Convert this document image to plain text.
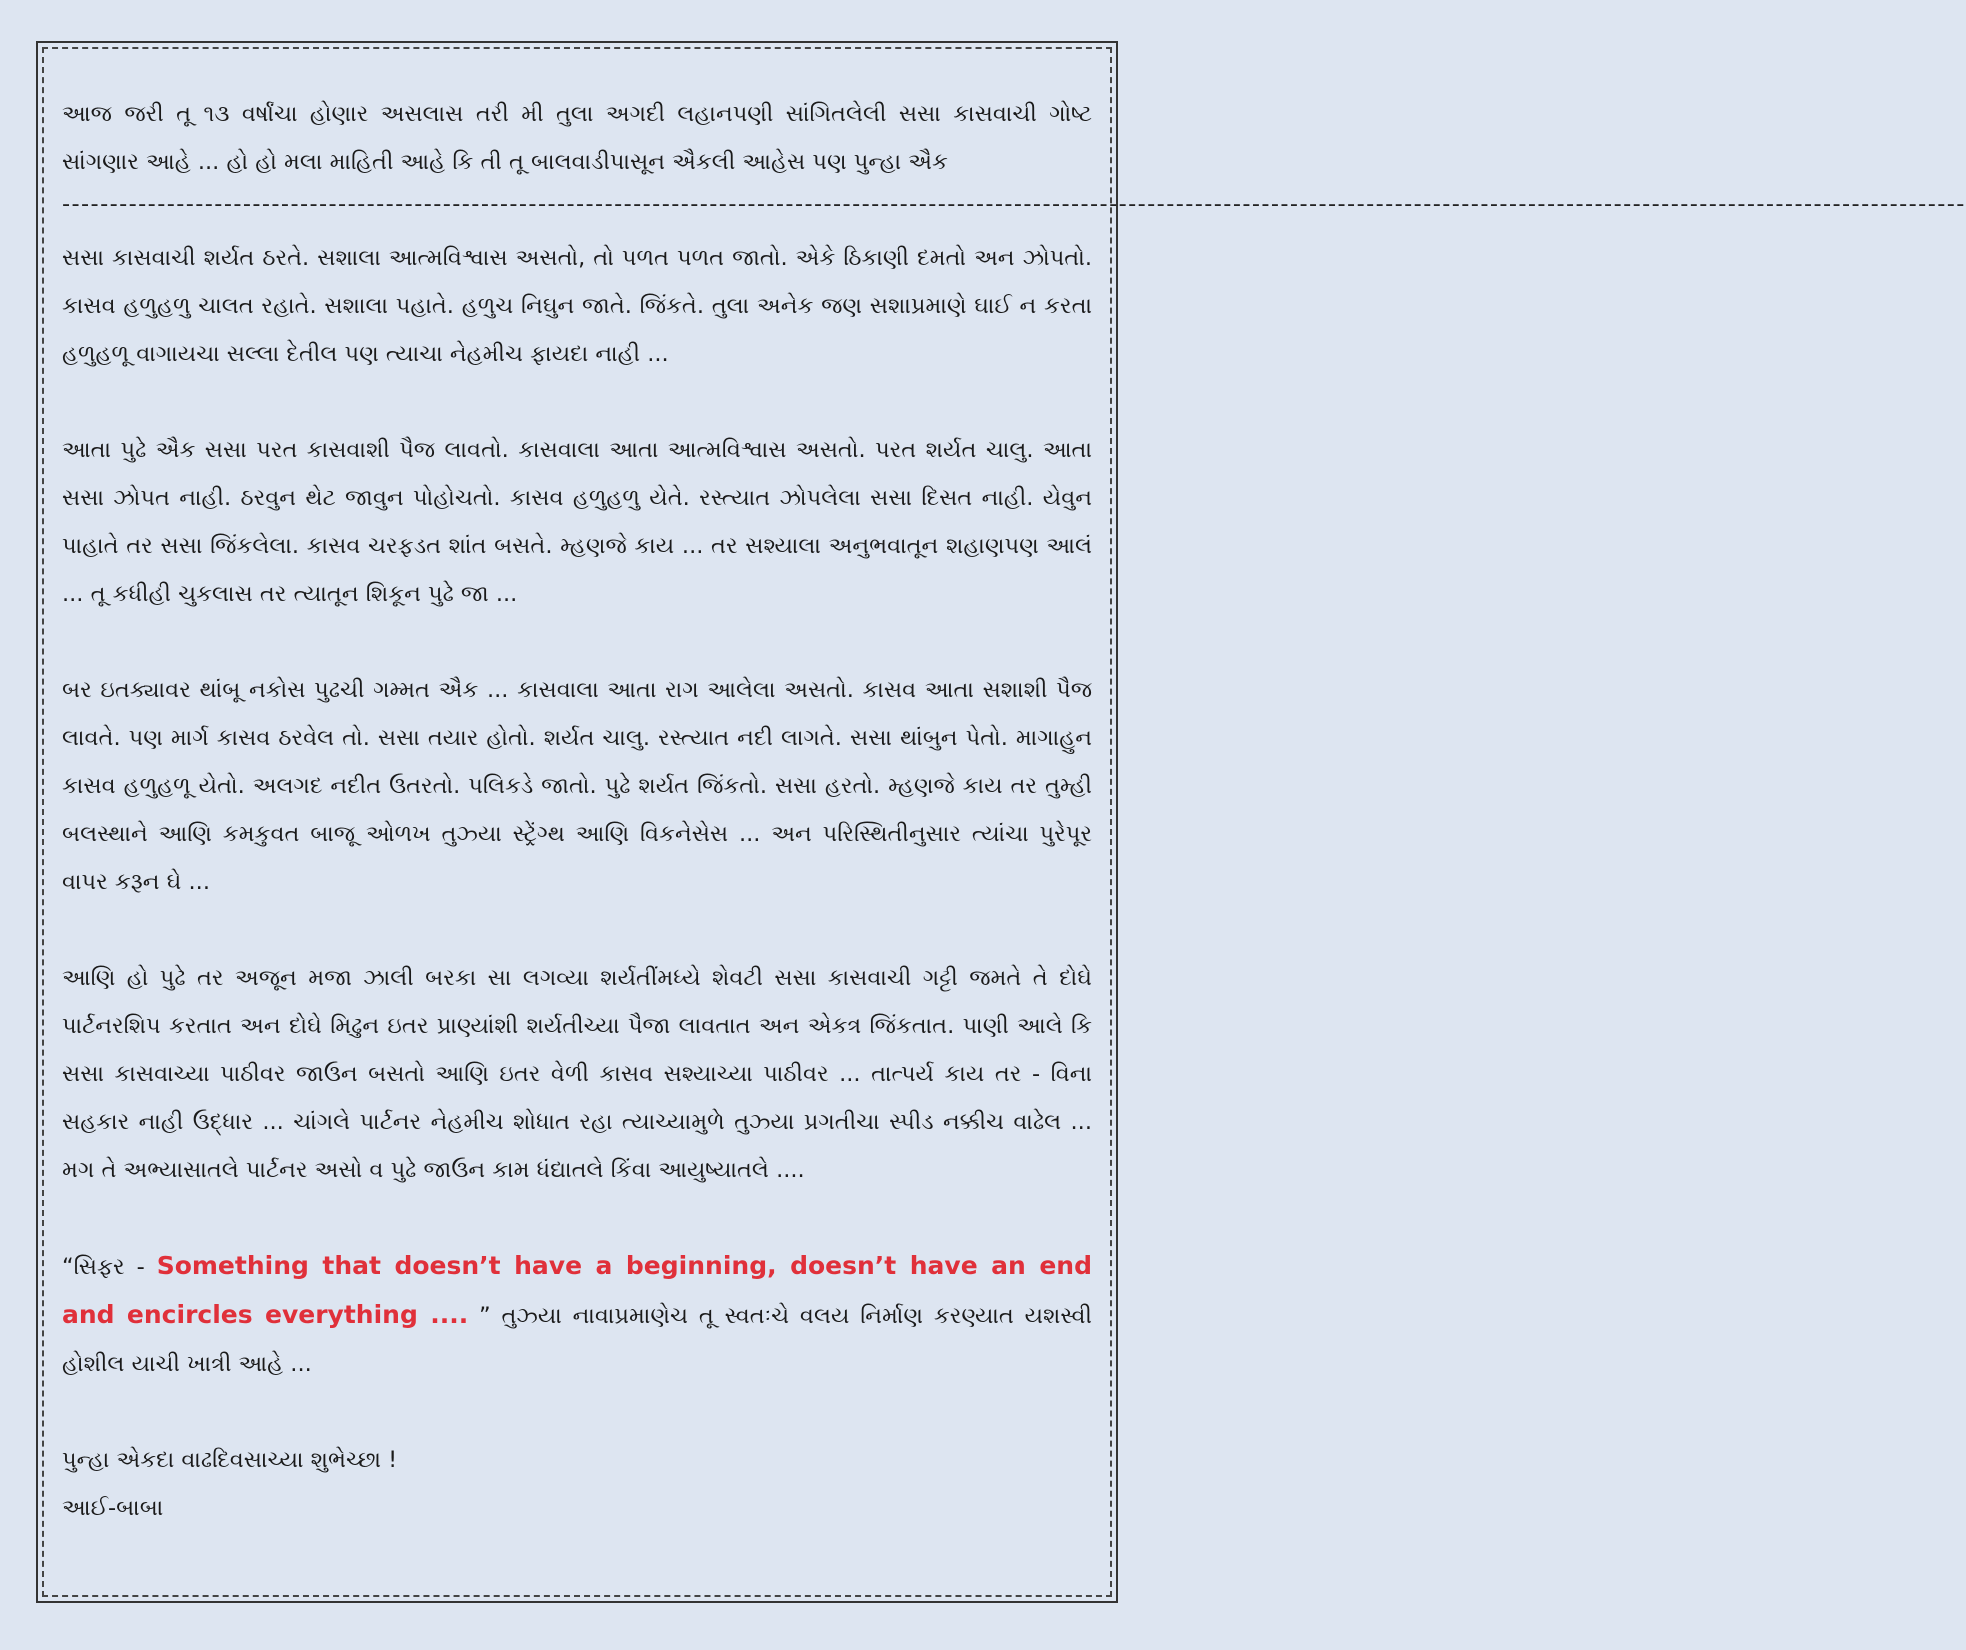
આજ જરી તૂ ૧૩ વર્ષાંચા હોણાર અસલાસ તરી મી તુલા અગદી લહાનપણી સાંગિતલેલી સસા કાસવાચી ગોષ્ટ સાંગણાર આહે ... હો હો મલા માહિતી આહે કિ તી તૂ બાલવાડીપાસૂન ઐકલી આહેસ પણ પુન્હા ઐક

--------------------------------------------------------------------------------------------------------------------------------------------------------------------------------------------------------

સસા કાસવાચી શર્યત ઠરતે. સશાલા આત્મવિશ્વાસ અસતો, તો પળત પળત જાતો. એકે ઠિકાણી દમતો અન ઝોપતો. કાસવ હળુહળુ ચાલત રહાતે. સશાલા પહાતે. હળુચ નિઘુન જાતે. જિંકતે. તુલા અનેક જણ સશાપ્રમાણે ઘાઈ ન કરતા હળુહળૂ વાગાયચા સલ્લા દેતીલ પણ ત્યાચા નેહમીચ ફાયદા નાહી ...

આતા પુઢે ઐક સસા પરત કાસવાશી પૈજ લાવતો. કાસવાલા આતા આત્મવિશ્વાસ અસતો. પરત શર્યત ચાલુ. આતા સસા ઝોપત નાહી. ઠરવુન થેટ જાવુન પોહોચતો. કાસવ હળુહળુ યેતે. રસ્ત્યાત ઝોપલેલા સસા દિસત નાહી. યેવુન પાહાતે તર સસા જિંકલેલા. કાસવ ચરફડત શાંત બસતે. મ્હણજે કાય ... તર સશ્યાલા અનુભવાતૂન શહાણપણ આલં ... તૂ કધીહી ચુકલાસ તર ત્યાતૂન શિકૂન પુઢે જા ...

બર ઇતક્યાવર થાંબૂ નકોસ પુઢચી ગમ્મત ઐક ... કાસવાલા આતા રાગ આલેલા અસતો. કાસવ આતા સશાશી પૈજ લાવતે. પણ માર્ગ કાસવ ઠરવેલ તો. સસા તયાર હોતો. શર્યત ચાલુ. રસ્ત્યાત નદી લાગતે. સસા થાંબુન પેતો. માગાહુન કાસવ હળુહળૂ યેતો. અલગદ નદીત ઉતરતો. પલિકડે જાતો. પુઢે શર્યત જિંકતો. સસા હરતો. મ્હણજે કાય તર તુમ્હી બલસ્થાને આણિ કમકુવત બાજૂ ઓળખ તુઝ્યા સ્ટ્રેંગ્થ આણિ વિકનેસેસ ... અન પરિસ્થિતીનુસાર ત્યાંચા પુરેપૂર વાપર કરૂન ઘે ...

આણિ હો પુઢે તર અજૂન મજા ઝાલી બરકા સા લગવ્યા શર્યતીંમધ્યે શેવટી સસા કાસવાચી ગટ્ટી જમતે તે દોઘે પાર્ટનરશિપ કરતાત અન દોઘે મિઢુન ઇતર પ્રાણ્યાંશી શર્યતીચ્યા પૈજા લાવતાત અન એકત્ર જિંકતાત. પાણી આલે કિ સસા કાસવાચ્યા પાઠીવર જાઉન બસતો આણિ ઇતર વેળી કાસવ સશ્યાચ્યા પાઠીવર ... તાત્પર્ય કાય તર - વિના સહકાર નાહી ઉદ્ધાર ... ચાંગલે પાર્ટનર નેહમીચ શોધાત રહા ત્યાચ્યામુળે તુઝ્યા પ્રગતીચા સ્પીડ નક્કીચ વાઢેલ ... મગ તે અભ્યાસાતલે પાર્ટનર અસો વ પુઢે જાઉન કામ ધંદ્યાતલે કિંવા આયુષ્યાતલે ....

“સિફર - Something that doesn’t have a beginning, doesn’t have an end and encircles everything .... ” તુઝ્યા નાવાપ્રમાણેચ તૂ સ્વતઃચે વલય નિર્માણ કરણ્યાત યશસ્વી હોશીલ યાચી ખાત્રી આહે ...

પુન્હા એકદા વાઢદિવસાચ્યા શુભેચ્છા !

આઈ-બાબા
